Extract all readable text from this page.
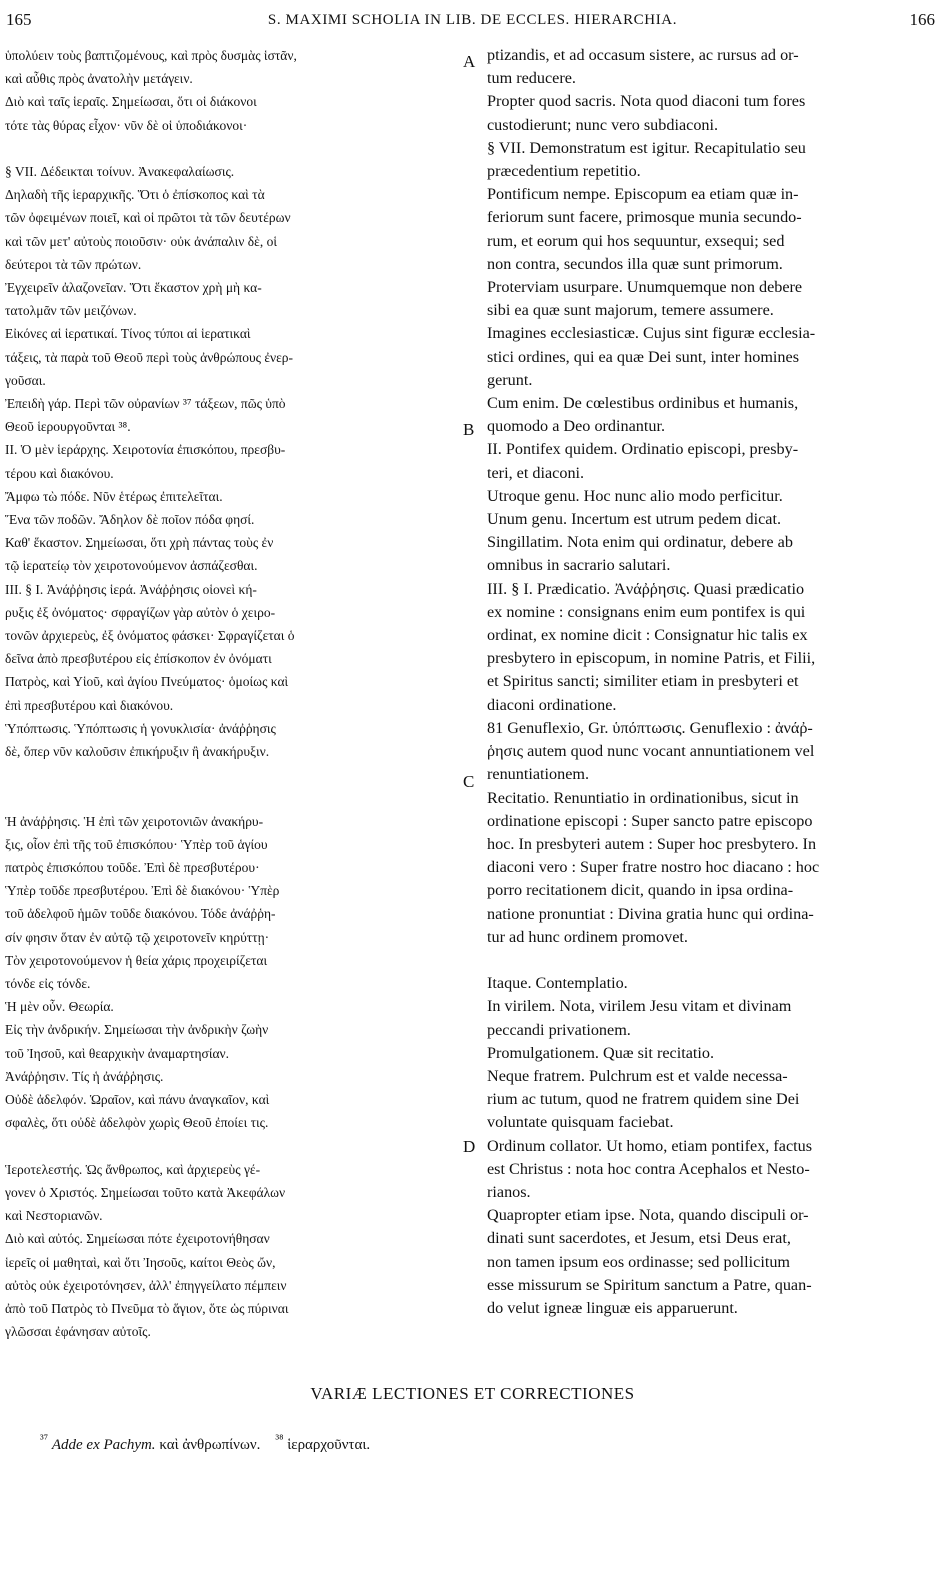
165	S. MAXIMI SCHOLIA IN LIB. DE ECCLES. HIERARCHIA.	166
ὑπολύειν τοὺς βαπτιζομένους, καὶ πρὸς δυσμὰς ἱστᾶν,
καὶ αὖθις πρὸς ἀνατολὴν μετάγειν.
Διὸ καὶ ταῖς ἱεραῖς. Σημείωσαι, ὅτι οἱ διάκονοι
τότε τὰς θύρας εἶχον· νῦν δὲ οἱ ὑποδιάκονοι·
§ VII. Δέδεικται τοίνυν. Ἀνακεφαλαίωσις.
Δηλαδὴ τῆς ἱεραρχικῆς. Ὅτι ὁ ἐπίσκοπος καὶ τὰ
τῶν ὀφειμένων ποιεῖ, καὶ οἱ πρῶτοι τὰ τῶν δευτέρων
καὶ τῶν μετ' αὐτοὺς ποιοῦσιν· οὐκ ἀνάπαλιν δὲ, οἱ
δεύτεροι τὰ τῶν πρώτων.
Ἐγχειρεῖν ἀλαζονεῖαν. Ὅτι ἕκαστον χρὴ μὴ κα-
τατολμᾶν τῶν μειζόνων.
Εἰκόνες αἱ ἱερατικαί. Τίνος τύποι αἱ ἱερατικαὶ
τάξεις, τὰ παρὰ τοῦ Θεοῦ περὶ τοὺς ἀνθρώπους ἐνερ-
γοῦσαι.
Ἐπειδὴ γάρ. Περὶ τῶν οὐρανίων ³⁷ τάξεων, πῶς ὑπὸ
Θεοῦ ἱερουργοῦνται ³⁸.
II. Ὁ μὲν ἱεράρχης. Χειροτονία ἐπισκόπου, πρεσβυ-
τέρου καὶ διακόνου.
Ἄμφω τὼ πόδε. Νῦν ἑτέρως ἐπιτελεῖται.
Ἕνα τῶν ποδῶν. Ἄδηλον δὲ ποῖον πόδα φησί.
Καθ' ἕκαστον. Σημείωσαι, ὅτι χρὴ πάντας τοὺς ἐν
τῷ ἱερατείῳ τὸν χειροτονούμενον ἀσπάζεσθαι.
III. § I. Ἀνάῤῥησις ἱερά. Ἀνάῤῥησις οἱονεὶ κή-
ρυξις ἐξ ὀνόματος· σφραγίζων γὰρ αὐτὸν ὁ χειρο-
τονῶν ἀρχιερεὺς, ἐξ ὀνόματος φάσκει· Σφραγίζεται ὁ
δεῖνα ἀπὸ πρεσβυτέρου εἰς ἐπίσκοπον ἐν ὀνόματι
Πατρὸς, καὶ Υἱοῦ, καὶ ἁγίου Πνεύματος· ὁμοίως καὶ
ἐπὶ πρεσβυτέρου καὶ διακόνου.
Ὑπόπτωσις. Ὑπόπτωσις ἡ γονυκλισία· ἀνάῤῥησις
δὲ, ὅπερ νῦν καλοῦσιν ἐπικήρυξιν ἢ ἀνακήρυξιν.
Ἡ ἀνάῤῥησις. Ἡ ἐπὶ τῶν χειροτονιῶν ἀνακήρυ-
ξις, οἷον ἐπὶ τῆς τοῦ ἐπισκόπου· Ὑπὲρ τοῦ ἁγίου
πατρὸς ἐπισκόπου τοῦδε. Ἐπὶ δὲ πρεσβυτέρου·
Ὑπὲρ τοῦδε πρεσβυτέρου. Ἐπὶ δὲ διακόνου· Ὑπὲρ
τοῦ ἀδελφοῦ ἡμῶν τοῦδε διακόνου. Τόδε ἀνάῤῥη-
σίν φησιν ὅταν ἐν αὐτῷ τῷ χειροτονεῖν κηρύττῃ·
Τὸν χειροτονούμενον ἡ θεία χάρις προχειρίζεται
τόνδε εἰς τόνδε.
Ἡ μὲν οὖν. Θεωρία.
Εἰς τὴν ἀνδρικήν. Σημείωσαι τὴν ἀνδρικὴν ζωὴν
τοῦ Ἰησοῦ, καὶ θεαρχικὴν ἀναμαρτησίαν.
Ἀνάῤῥησιν. Τίς ἡ ἀνάῤῥησις.
Οὐδὲ ἀδελφόν. Ὡραῖον, καὶ πάνυ ἀναγκαῖον, καὶ
σφαλὲς, ὅτι οὐδὲ ἀδελφὸν χωρὶς Θεοῦ ἐποίει τις.
Ἱεροτελεστής. Ὡς ἄνθρωπος, καὶ ἀρχιερεὺς γέ-
γονεν ὁ Χριστός. Σημείωσαι τοῦτο κατὰ Ἀκεφάλων
καὶ Νεστοριανῶν.
Διὸ καὶ αὐτός. Σημείωσαι πότε ἐχειροτονήθησαν
ἱερεῖς οἱ μαθηταὶ, καὶ ὅτι Ἰησοῦς, καίτοι Θεὸς ὤν,
αὐτὸς οὐκ ἐχειροτόνησεν, ἀλλ' ἐπηγγείλατο πέμπειν
ἀπὸ τοῦ Πατρὸς τὸ Πνεῦμα τὸ ἅγιον, ὅτε ὡς πύριναι
γλῶσσαι ἐφάνησαν αὐτοῖς.
ptizandis, et ad occasum sistere, ac rursus ad or-
tum reducere.
Propter quod sacris. Nota quod diaconi tum fores
custodierunt; nunc vero subdiaconi.
§ VII. Demonstratum est igitur. Recapitulatio seu
præcedentium repetitio.
Pontificum nempe. Episcopum ea etiam quæ in-
feriorum sunt facere, primosque munia secundo-
rum, et eorum qui hos sequuntur, exsequi; sed
non contra, secundos illa quæ sunt primorum.
Proterviam usurpare. Unumquemque non debere
sibi ea quæ sunt majorum, temere assumere.
Imagines ecclesiasticæ. Cujus sint figuræ ecclesia-
stici ordines, qui ea quæ Dei sunt, inter homines
gerunt.
Cum enim. De cœlestibus ordinibus et humanis,
quomodo a Deo ordinantur.
II. Pontifex quidem. Ordinatio episcopi, presby-
teri, et diaconi.
Utroque genu. Hoc nunc alio modo perficitur.
Unum genu. Incertum est utrum pedem dicat.
Singillatim. Nota enim qui ordinatur, debere ab
omnibus in sacrario salutari.
III. § I. Prædicatio. Ἀνάῤῥησις. Quasi prædicatio
ex nomine : consignans enim eum pontifex is qui
ordinat, ex nomine dicit : Consignatur hic talis ex
presbytero in episcopum, in nomine Patris, et Filii,
et Spiritus sancti; similiter etiam in presbyteri et
diaconi ordinatione.
81 Genuflexio, Gr. ὑπόπτωσις. Genuflexio : ἀνάῤ-
ῥησις autem quod nunc vocant annuntiationem vel
renuntiationem.
Recitatio. Renuntiatio in ordinationibus, sicut in
ordinatione episcopi : Super sancto patre episcopo
hoc. In presbyteri autem : Super hoc presbytero. In
diaconi vero : Super fratre nostro hoc diacano : hoc
porro recitationem dicit, quando in ipsa ordina-
natione pronuntiat : Divina gratia hunc qui ordina-
tur ad hunc ordinem promovet.
Itaque. Contemplatio.
In virilem. Nota, virilem Jesu vitam et divinam
peccandi privationem.
Promulgationem. Quæ sit recitatio.
Neque fratrem. Pulchrum est et valde necessa-
rium ac tutum, quod ne fratrem quidem sine Dei
voluntate quisquam faciebat.
Ordinum collator. Ut homo, etiam pontifex, factus
est Christus : nota hoc contra Acephalos et Nesto-
rianos.
Quapropter etiam ipse. Nota, quando discipuli or-
dinati sunt sacerdotes, et Jesum, etsi Deus erat,
non tamen ipsum eos ordinasse; sed pollicitum
esse missurum se Spiritum sanctum a Patre, quan-
do velut igneæ linguæ eis apparuerunt.
A
B
C
D
VARIÆ LECTIONES ET CORRECTIONES
$^{^{37}}$ Adde ex Pachym. καὶ ἀνθρωπίνων. $^{^{38}}$ ἱεραρχοῦνται.
